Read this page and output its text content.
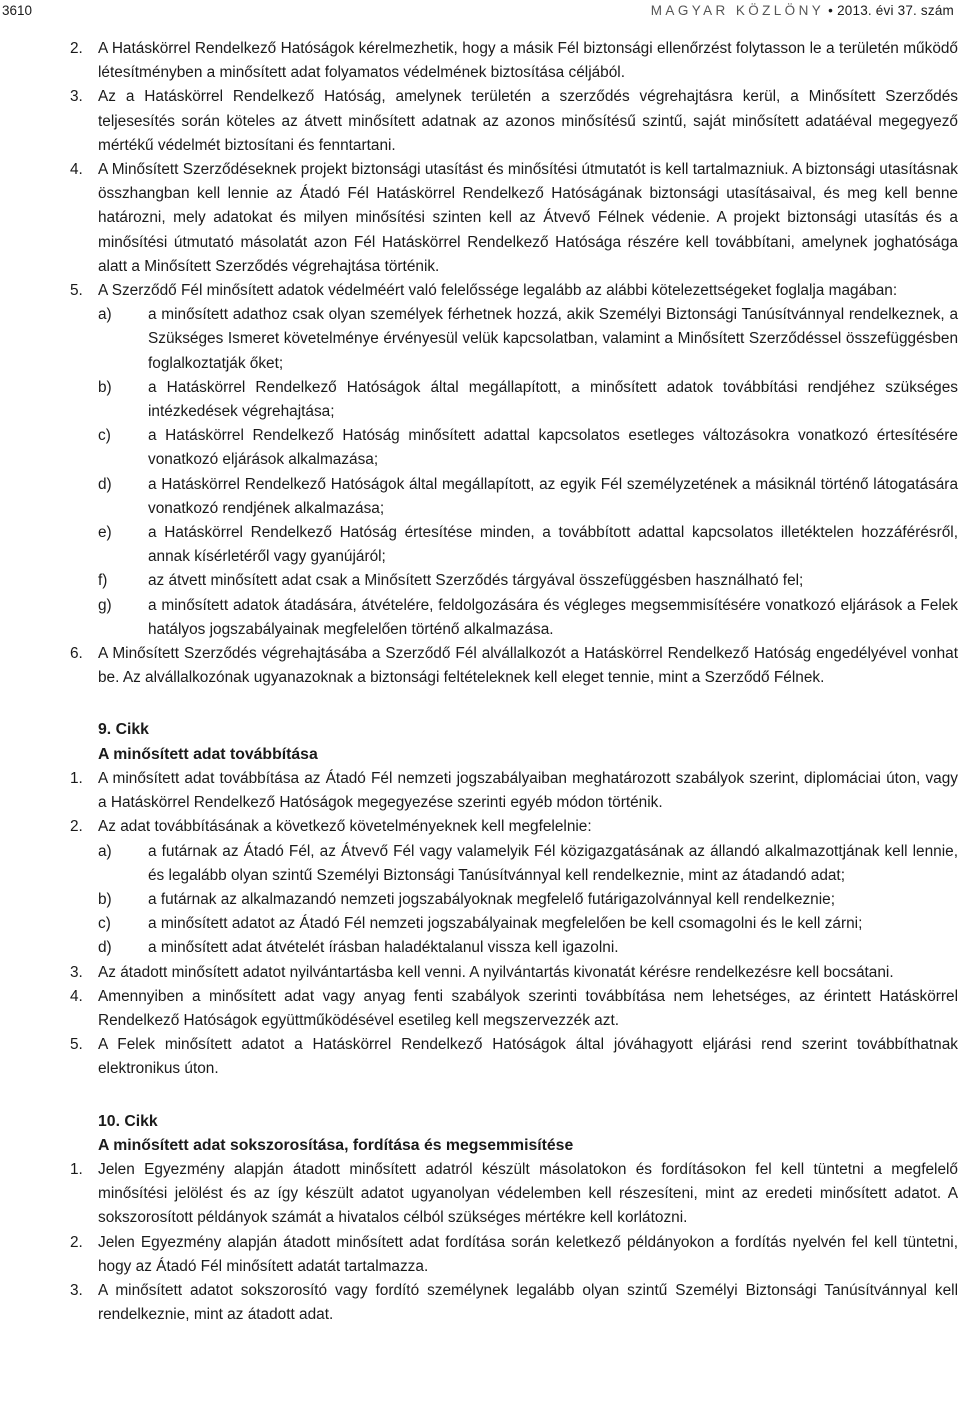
3610	MAGYAR KÖZLÖNY • 2013. évi 37. szám
2. A Hatáskörrel Rendelkező Hatóságok kérelmezhetik, hogy a másik Fél biztonsági ellenőrzést folytasson le a területén működő létesítményben a minősített adat folyamatos védelmének biztosítása céljából.
3. Az a Hatáskörrel Rendelkező Hatóság, amelynek területén a szerződés végrehajtásra kerül, a Minősített Szerződés teljesesítés során köteles az átvett minősített adatnak az azonos minősítésű szintű, saját minősített adatáéval megegyező mértékű védelmét biztosítani és fenntartani.
4. A Minősített Szerződéseknek projekt biztonsági utasítást és minősítési útmutatót is kell tartalmazniuk. A biztonsági utasításnak összhangban kell lennie az Átadó Fél Hatáskörrel Rendelkező Hatóságának biztonsági utasításaival, és meg kell benne határozni, mely adatokat és milyen minősítési szinten kell az Átvevő Félnek védenie. A projekt biztonsági utasítás és a minősítési útmutató másolatát azon Fél Hatáskörrel Rendelkező Hatósága részére kell továbbítani, amelynek joghatósága alatt a Minősített Szerződés végrehajtása történik.
5. A Szerződő Fél minősített adatok védelméért való felelőssége legalább az alábbi kötelezettségeket foglalja magában:
a)	a minősített adathoz csak olyan személyek férhetnek hozzá, akik Személyi Biztonsági Tanúsítvánnyal rendelkeznek, a Szükséges Ismeret követelménye érvényesül velük kapcsolatban, valamint a Minősített Szerződéssel összefüggésben foglalkoztatják őket;
b)	a Hatáskörrel Rendelkező Hatóságok által megállapított, a minősített adatok továbbítási rendjéhez szükséges intézkedések végrehajtása;
c)	a Hatáskörrel Rendelkező Hatóság minősített adattal kapcsolatos esetleges változásokra vonatkozó értesítésére vonatkozó eljárások alkalmazása;
d)	a Hatáskörrel Rendelkező Hatóságok által megállapított, az egyik Fél személyzetének a másiknál történő látogatására vonatkozó rendjének alkalmazása;
e)	a Hatáskörrel Rendelkező Hatóság értesítése minden, a továbbított adattal kapcsolatos illetéktelen hozzáférésről, annak kísérletéről vagy gyanújáról;
f)	az átvett minősített adat csak a Minősített Szerződés tárgyával összefüggésben használható fel;
g)	a minősített adatok átadására, átvételére, feldolgozására és végleges megsemmisítésére vonatkozó eljárások a Felek hatályos jogszabályainak megfelelően történő alkalmazása.
6. A Minősített Szerződés végrehajtásába a Szerződő Fél alvállalkozót a Hatáskörrel Rendelkező Hatóság engedélyével vonhat be. Az alvállalkozónak ugyanazoknak a biztonsági feltételeknek kell eleget tennie, mint a Szerződő Félnek.
9. Cikk
A minősített adat továbbítása
1. A minősített adat továbbítása az Átadó Fél nemzeti jogszabályaiban meghatározott szabályok szerint, diplomáciai úton, vagy a Hatáskörrel Rendelkező Hatóságok megegyezése szerinti egyéb módon történik.
2. Az adat továbbításának a következő követelményeknek kell megfelelnie:
a)	a futárnak az Átadó Fél, az Átvevő Fél vagy valamelyik Fél közigazgatásának az állandó alkalmazottjának kell lennie, és legalább olyan szintű Személyi Biztonsági Tanúsítvánnyal kell rendelkeznie, mint az átadandó adat;
b)	a futárnak az alkalmazandó nemzeti jogszabályoknak megfelelő futárigazolvánnyal kell rendelkeznie;
c)	a minősített adatot az Átadó Fél nemzeti jogszabályainak megfelelően be kell csomagolni és le kell zárni;
d)	a minősített adat átvételét írásban haladéktalanul vissza kell igazolni.
3. Az átadott minősített adatot nyilvántartásba kell venni. A nyilvántartás kivonatát kérésre rendelkezésre kell bocsátani.
4. Amennyiben a minősített adat vagy anyag fenti szabályok szerinti továbbítása nem lehetséges, az érintett Hatáskörrel Rendelkező Hatóságok együttműködésével esetileg kell megszervezzék azt.
5. A Felek minősített adatot a Hatáskörrel Rendelkező Hatóságok által jóváhagyott eljárási rend szerint továbbíthatnak elektronikus úton.
10. Cikk
A minősített adat sokszorosítása, fordítása és megsemmisítése
1. Jelen Egyezmény alapján átadott minősített adatról készült másolatokon és fordításokon fel kell tüntetni a megfelelő minősítési jelölést és az így készült adatot ugyanolyan védelemben kell részesíteni, mint az eredeti minősített adatot. A sokszorosított példányok számát a hivatalos célból szükséges mértékre kell korlátozni.
2. Jelen Egyezmény alapján átadott minősített adat fordítása során keletkező példányokon a fordítás nyelvén fel kell tüntetni, hogy az Átadó Fél minősített adatát tartalmazza.
3. A minősített adatot sokszorosító vagy fordító személynek legalább olyan szintű Személyi Biztonsági Tanúsítvánnyal kell rendelkeznie, mint az átadott adat.
